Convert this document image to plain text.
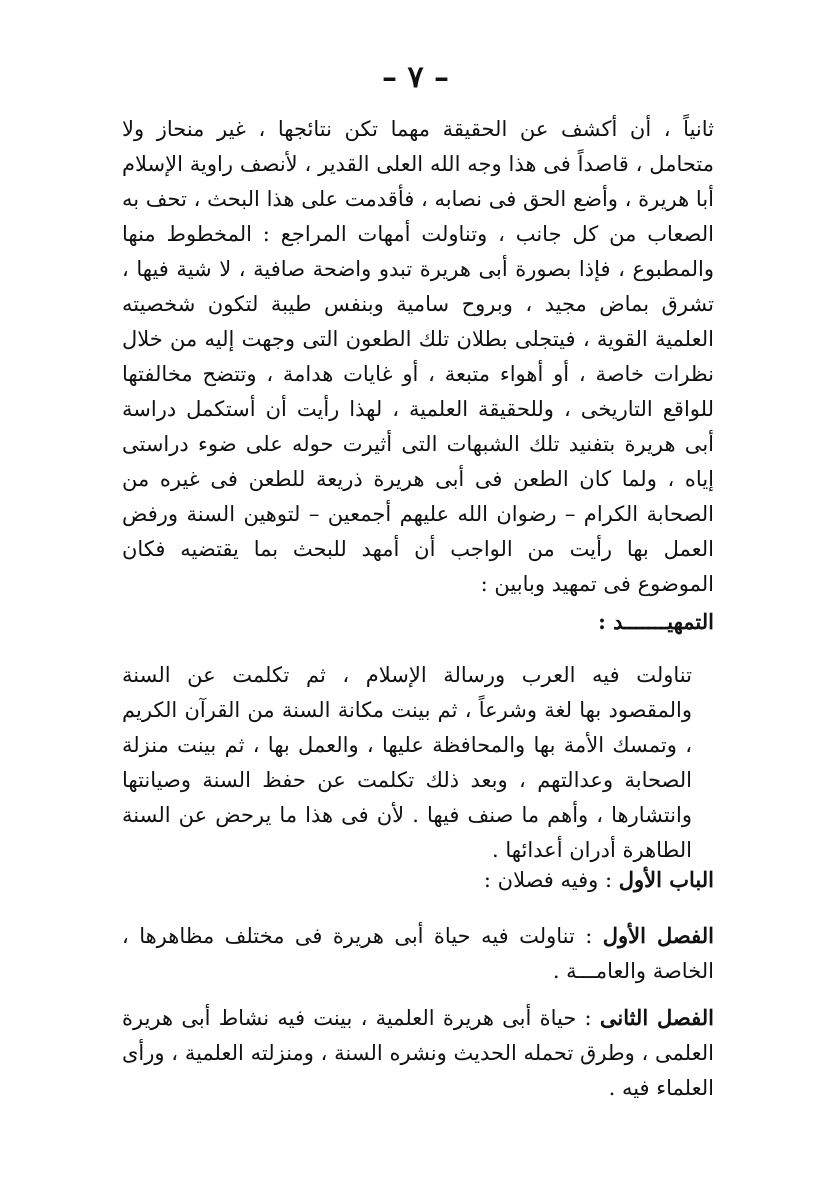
– ٧ –

ثانياً ، أن أكشف عن الحقيقة مهما تكن نتائجها ، غير منحاز ولا متحامل ، قاصداً فى هذا وجه الله العلى القدير ، لأنصف راوية الإسلام أبا هريرة ، وأضع الحق فى نصابه ، فأقدمت على هذا البحث ، تحف به الصعاب من كل جانب ، وتناولت أمهات المراجع : المخطوط منها والمطبوع ، فإذا بصورة أبى هريرة تبدو واضحة صافية ، لا شية فيها ، تشرق بماض مجيد ، وبروح سامية وبنفس طيبة لتكون شخصيته العلمية القوية ، فيتجلى بطلان تلك الطعون التى وجهت إليه من خلال نظرات خاصة ، أو أهواء متبعة ، أو غايات هدامة ، وتتضح مخالفتها للواقع التاريخى ، وللحقيقة العلمية ، لهذا رأيت أن أستكمل دراسة أبى هريرة بتفنيد تلك الشبهات التى أثيرت حوله على ضوء دراستى إياه ، ولما كان الطعن فى أبى هريرة ذريعة للطعن فى غيره من الصحابة الكرام – رضوان الله عليهم أجمعين – لتوهين السنة ورفض العمل بها رأيت من الواجب أن أمهد للبحث بما يقتضيه فكان الموضوع فى تمهيد وبابين :

التمهيـــــــد :

تناولت فيه العرب ورسالة الإسلام ، ثم تكلمت عن السنة والمقصود بها لغة وشرعاً ، ثم بينت مكانة السنة من القرآن الكريم ، وتمسك الأمة بها والمحافظة عليها ، والعمل بها ، ثم بينت منزلة الصحابة وعدالتهم ، وبعد ذلك تكلمت عن حفظ السنة وصيانتها وانتشارها ، وأهم ما صنف فيها . لأن فى هذا ما يرحض عن السنة الطاهرة أدران أعدائها .

الباب الأول : وفيه فصلان :

الفصل الأول : تناولت فيه حياة أبى هريرة فى مختلف مظاهرها ، الخاصة والعامـــة .

الفصل الثانى : حياة أبى هريرة العلمية ، بينت فيه نشاط أبى هريرة العلمى ، وطرق تحمله الحديث ونشره السنة ، ومنزلته العلمية ، ورأى العلماء فيه .
